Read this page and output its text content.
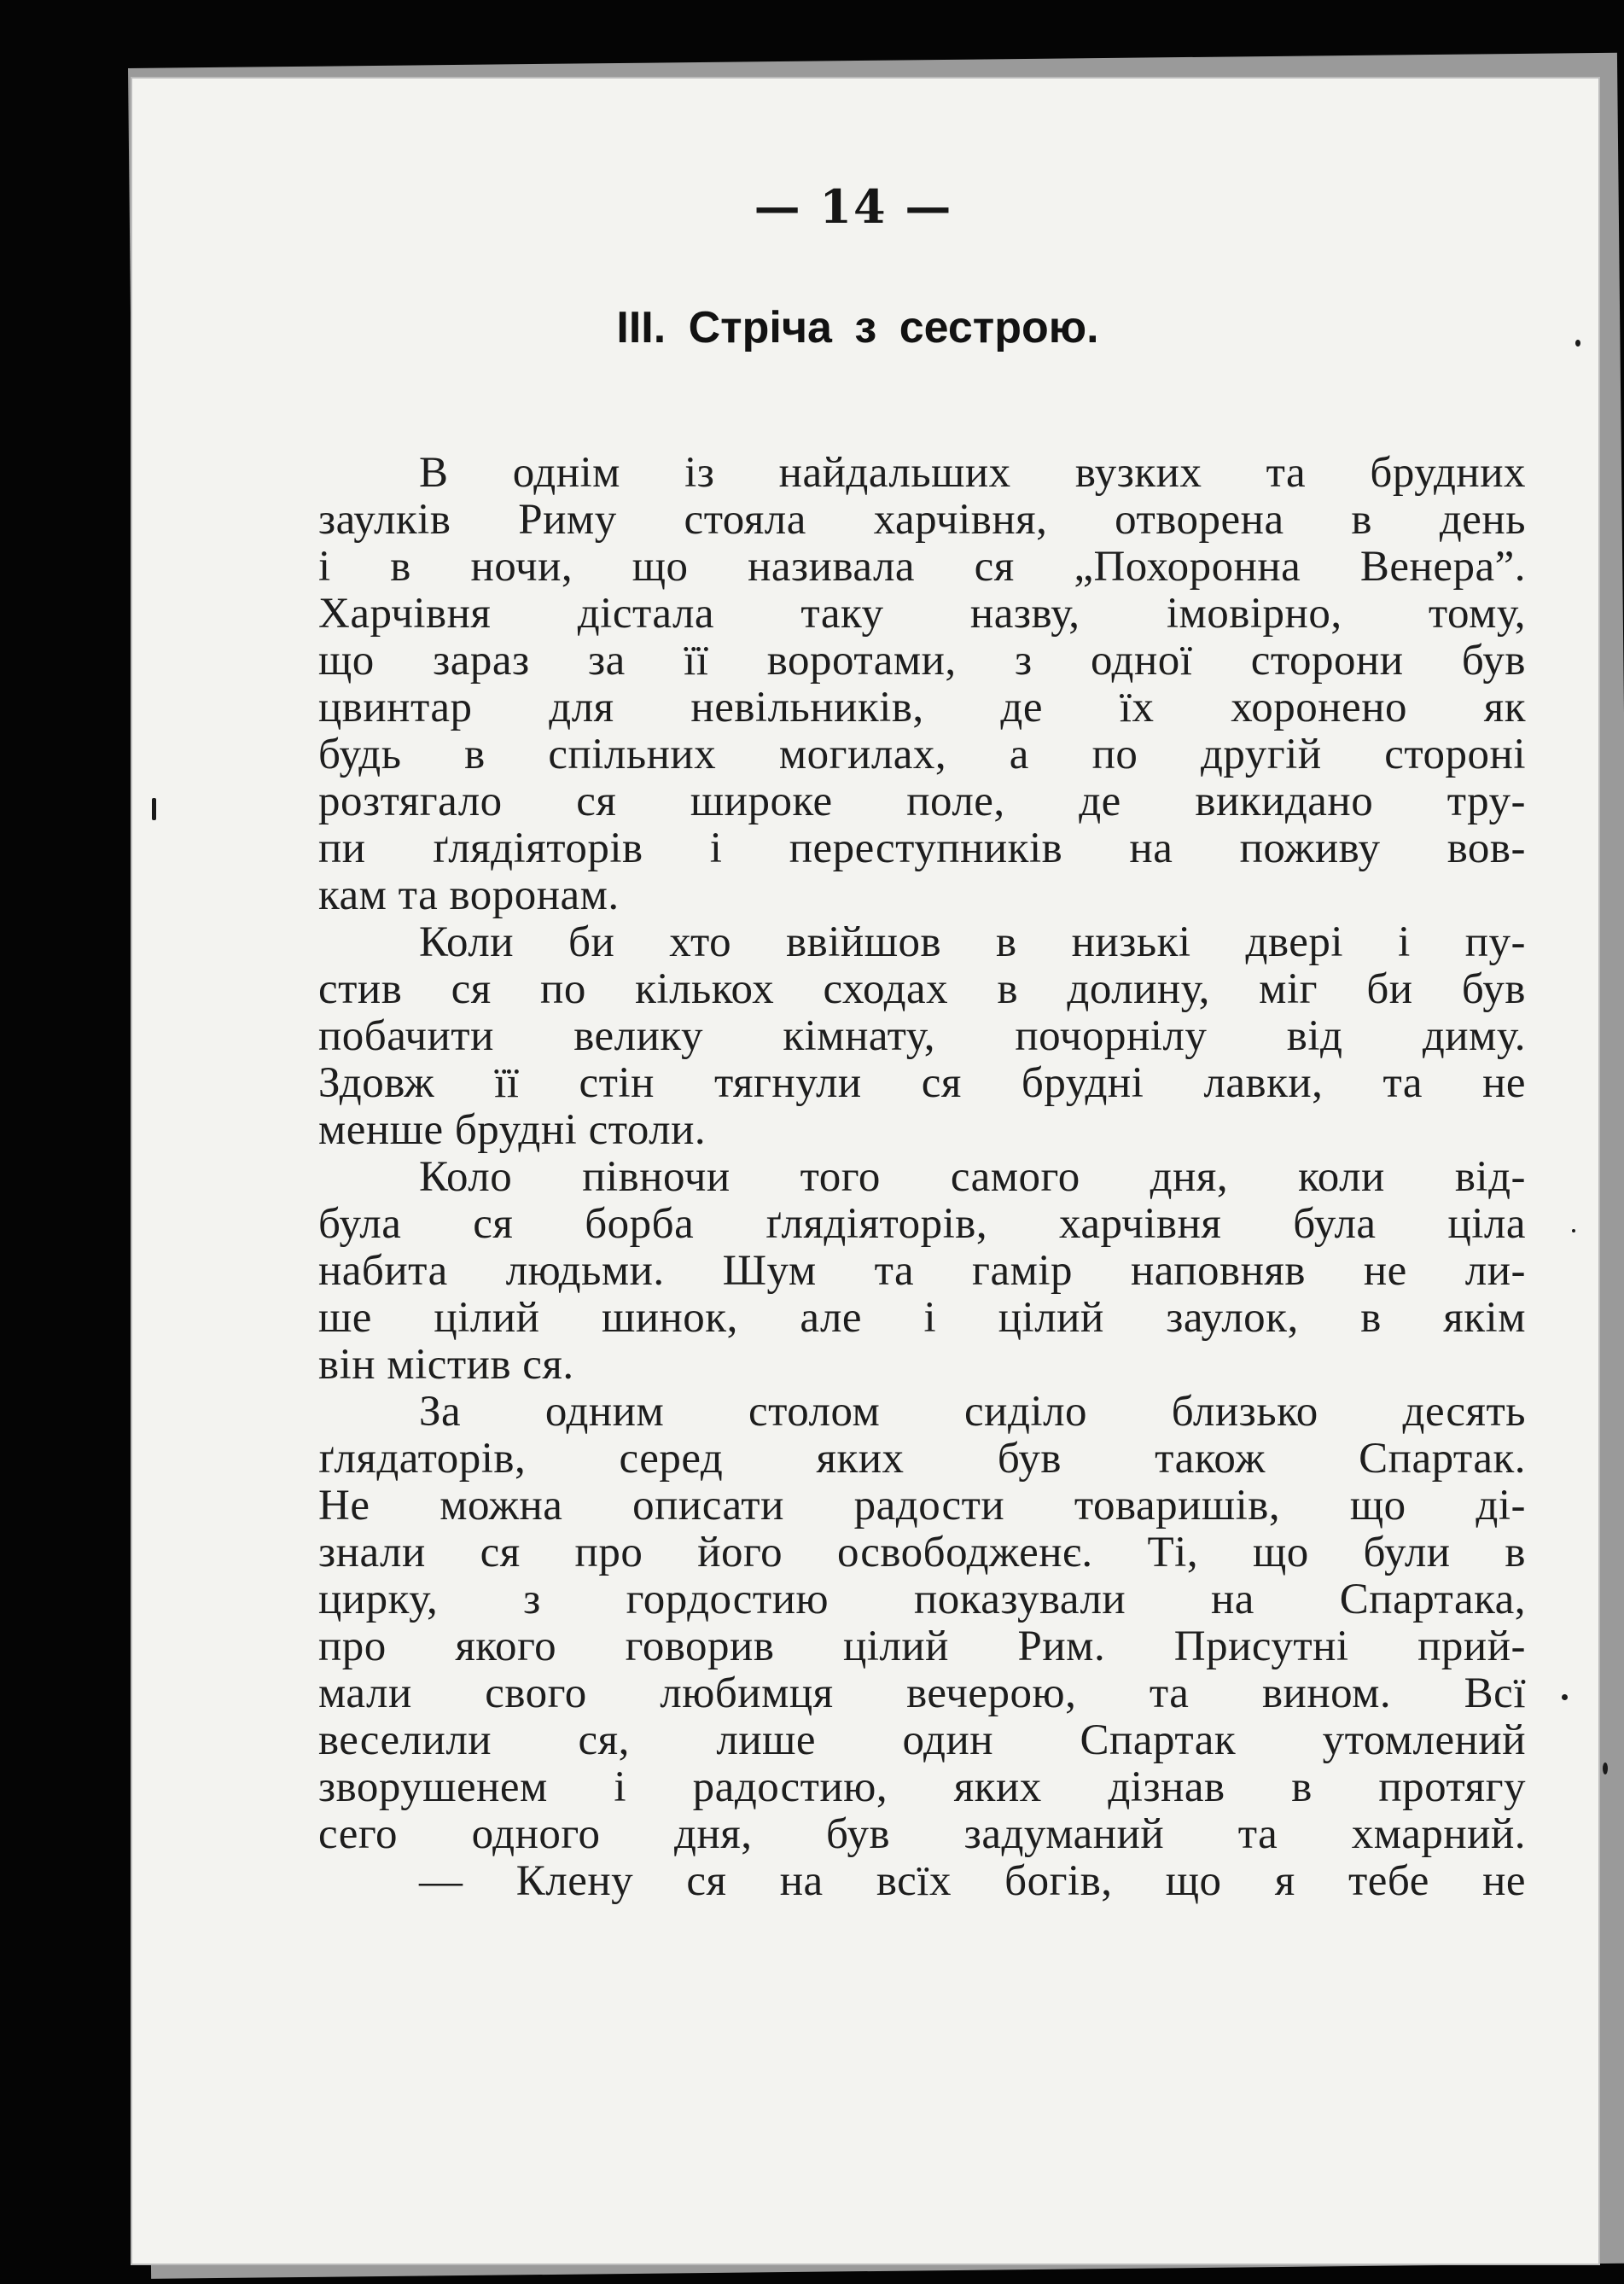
— 14 —
III. Стріча з сестрою.

В однім із найдальших вузких та брудних
заулків Риму стояла харчівня, отворена в день
і в ночи, що називала ся „Похоронна Венера”.
Харчівня дістала таку назву, імовірно, тому,
що зараз за її воротами, з одної сторони був
цвинтар для невільників, де їх хоронено як
будь в спільних могилах, а по другій стороні
розтягало ся широке поле, де викидано тру-
пи ґлядіяторів і переступників на поживу вов-
кам та воронам.

Коли би хто ввійшов в низькі двері і пу-
стив ся по кількох сходах в долину, міг би був
побачити велику кімнату, почорнілу від диму.
Здовж її стін тягнули ся брудні лавки, та не
менше брудні столи.

Коло півночи того самого дня, коли від-
була ся борба ґлядіяторів, харчівня була ціла
набита людьми. Шум та гамір наповняв не ли-
ше цілий шинок, але і цілий заулок, в якім
він містив ся.

За одним столом сиділо близько десять
ґлядаторів, серед яких був також Спартак.
Не можна описати радости товаришів, що ді-
знали ся про його освободженє. Ті, що були в
цирку, з гордостию показували на Спартака,
про якого говорив цілий Рим. Присутні прий-
мали свого любимця вечерою, та вином. Всї
веселили ся, лише один Спартак утомлений
зворушенем і радостию, яких дізнав в протягу
сего одного дня, був задуманий та хмарний.

— Клену ся на всїх богів, що я тебе не
